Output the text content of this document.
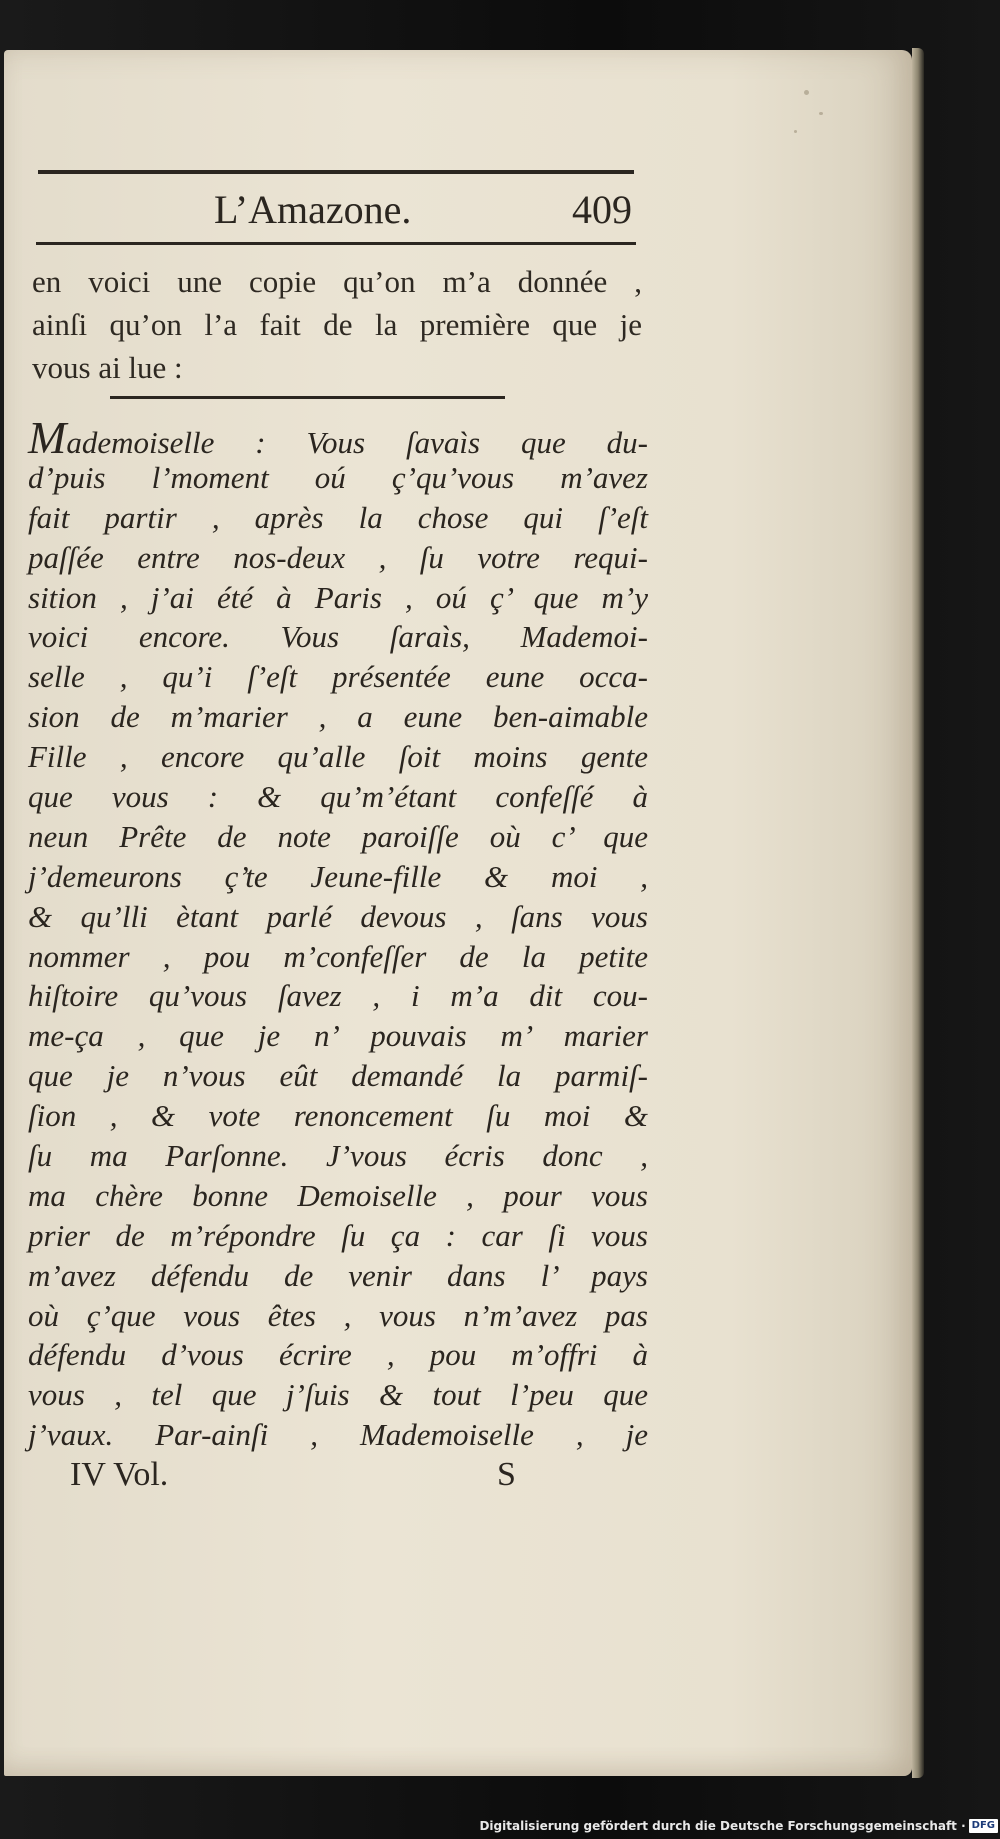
L’Amazone.	409
en voici une copie qu’on m’a donnée ,
ainſi qu’on l’a fait de la première que je
vous ai lue :
Mademoiselle : Vous ſavaìs que du-
d’puis l’moment oú ç’qu’vous m’avez
fait partir , après la chose qui ſ’eſt
paſſée entre nos-deux , ſu votre requi-
sition , j’ai été à Paris , oú ç’ que m’y
voici encore. Vous ſaraìs, Mademoi-
selle , qu’i ſ’eſt présentée eune occa-
sion de m’marier , a eune ben-aimable
Fille , encore qu’alle ſoit moins gente
que vous : & qu’m’étant confeſſé à
neun Prête de note paroiſſe où c’ que
j’demeurons ç’te Jeune-fille & moi ,
& qu’lli ètant parlé devous , ſans vous
nommer , pou m’confeſſer de la petite
hiſtoire qu’vous ſavez , i m’a dit cou-
me-ça , que je n’ pouvais m’ marier
que je n’vous eût demandé la parmiſ-
ſion , & vote renoncement ſu moi &
ſu ma Parſonne. J’vous écris donc ,
ma chère bonne Demoiselle , pour vous
prier de m’répondre ſu ça : car ſi vous
m’avez défendu de venir dans l’ pays
où ç’que vous êtes , vous n’m’avez pas
défendu d’vous écrire , pou m’offri à
vous , tel que j’ſuis & tout l’peu que
j’vaux. Par-ainſi , Mademoiselle , je
IV Vol.	S
Digitalisierung gefördert durch die Deutsche Forschungsgemeinschaft · DFG
